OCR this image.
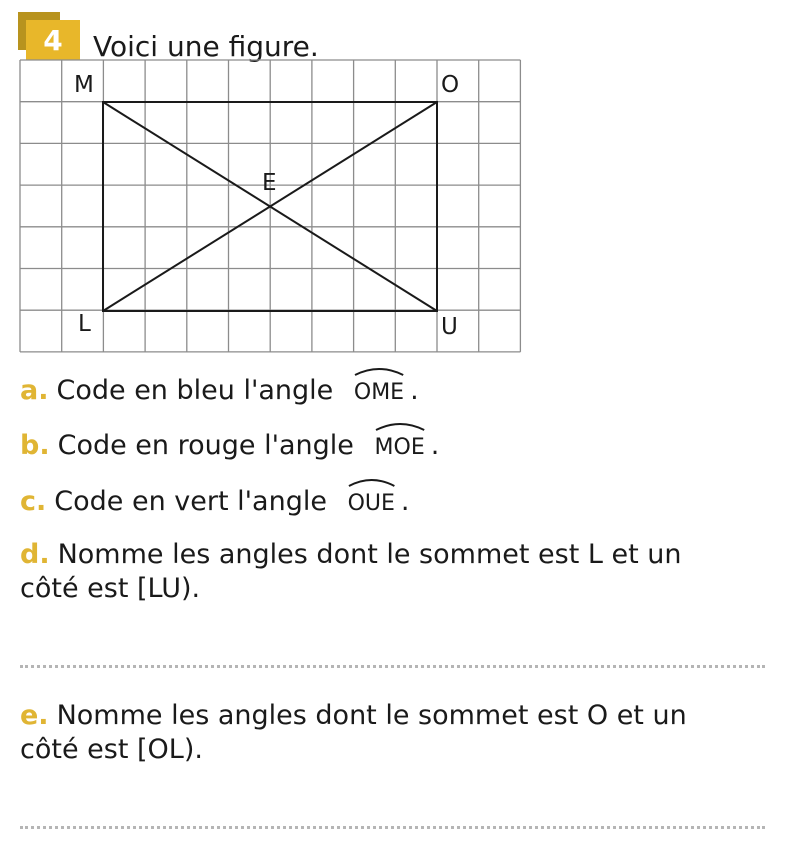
4	Voici une figure.
M	O
L	U
E
a. Code en bleu l'angle OME .
b. Code en rouge l'angle MOE .
c. Code en vert l'angle OUE .
d. Nomme les angles dont le sommet est L et un
côté est [LU).
e. Nomme les angles dont le sommet est O et un
côté est [OL).
